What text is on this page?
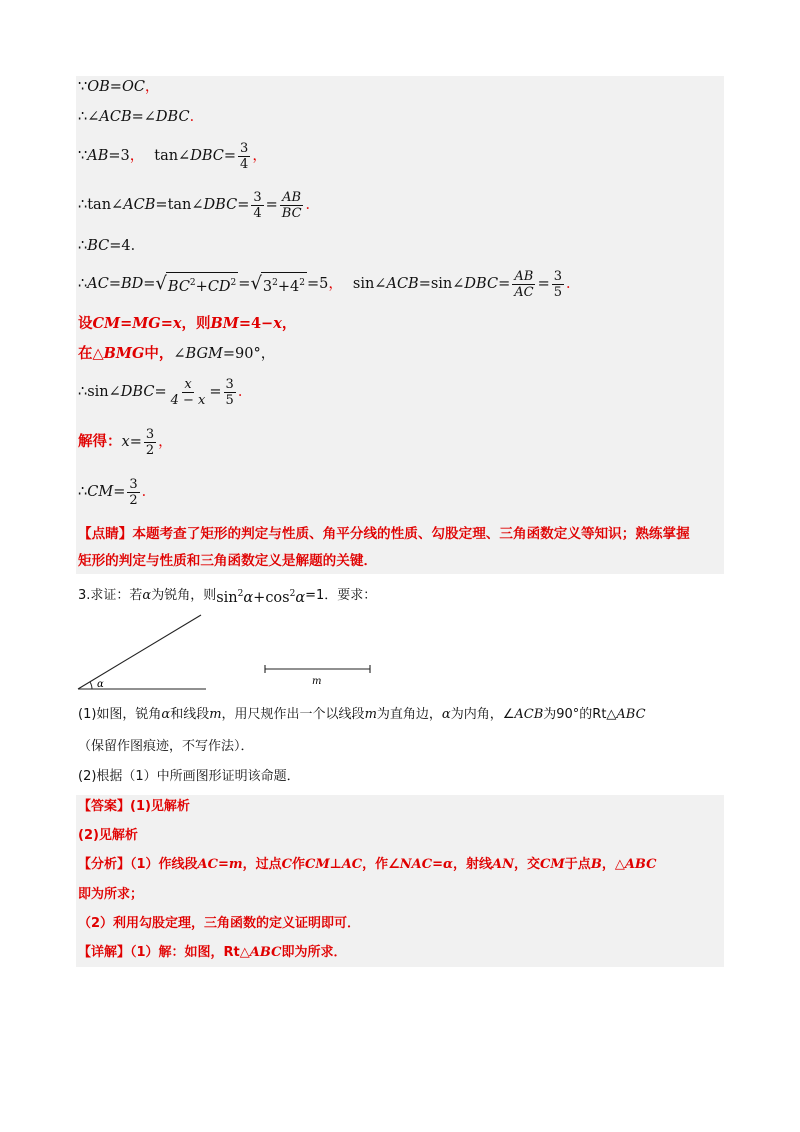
∵ OB = OC ，
∴∠ ACB =∠ DBC ．
∵ AB =3 ， tan∠ DBC = $\frac{3}{4}$ ，
∴tan∠ ACB =tan∠ DBC = $\frac{3}{4} = \frac{AB}{BC}$ ．
∴ BC =4．
∴ AC = BD = √ $BC^2+CD^2$ = √ $3^2+4^2 =5$ ， sin∠ ACB =sin∠ DBC = $\frac{AB}{AC} = \frac{3}{5}$ ．
设 CM = MG = x ，则 BM =4− x ，
在△ BMG 中， ∠ BGM =90°，
∴sin∠ DBC = $\frac{x}{4 - x} = \frac{3}{5}$ ．
解得： $x = \frac{3}{2}$ ，
∴ CM = $\frac{3}{2}$ ．
【点睛】本题考查了矩形的判定与性质、角平分线的性质、勾股定理、三角函数定义等知识；熟练掌握
矩形的判定与性质和三角函数定义是解题的关键．
3.求证：若 α 为锐角，则 $\sin^2\alpha+\cos^2\alpha =1$．要求：
α	m
(1)如图，锐角 α 和线段 m ，用尺规作出一个以线段 m 为直角边， α 为内角， ∠ ACB 为90°的Rt△ ABC
（保留作图痕迹，不写作法）．
(2)根据（1）中所画图形证明该命题．
【答案】(1)见解析
(2)见解析
【分析】（1）作线段 AC = m ，过点 C 作 CM ⊥ AC ，作∠ NAC = α ，射线 AN ，交 CM 于点 B ，△ ABC
即为所求；
（2）利用勾股定理，三角函数的定义证明即可．
【详解】（1）解：如图，Rt△ ABC 即为所求．
